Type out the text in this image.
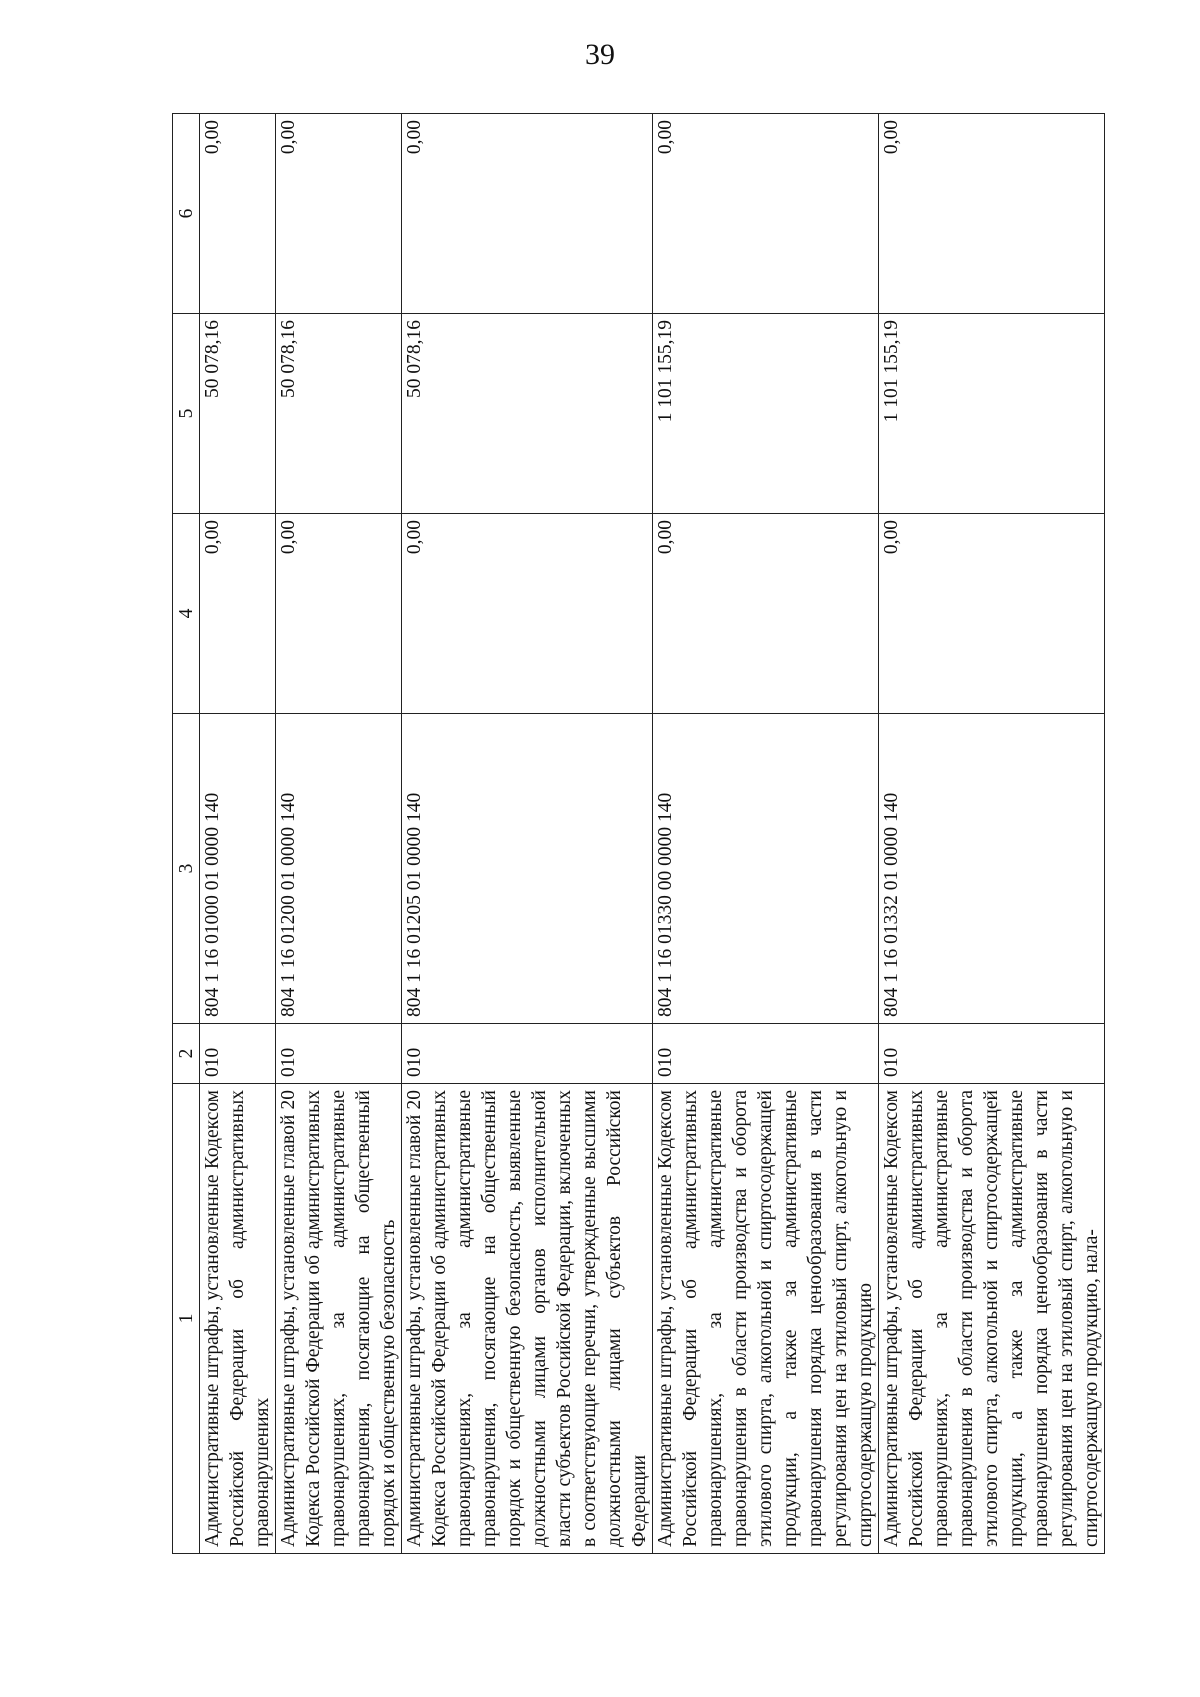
39
1	2	3	4	5	6
Административные штрафы, установленные Кодексом Российской Федерации об административных правонарушениях	010	804 1 16 01000 01 0000 140	0,00	50 078,16	0,00
Административные штрафы, установленные главой 20 Кодекса Российской Федерации об административных правонарушениях, за административные правонарушения, посягающие на общественный порядок и общественную безопасность	010	804 1 16 01200 01 0000 140	0,00	50 078,16	0,00
Административные штрафы, установленные главой 20 Кодекса Российской Федерации об административных правонарушениях, за административные правонарушения, посягающие на общественный порядок и общественную безопасность, выявленные должностными лицами органов исполнительной власти субъектов Российской Федерации, включенных в соответствующие перечни, утвержденные высшими должностными лицами субъектов Российской Федерации	010	804 1 16 01205 01 0000 140	0,00	50 078,16	0,00
Административные штрафы, установленные Кодексом Российской Федерации об административных правонарушениях, за административные правонарушения в области производства и оборота этилового спирта, алкогольной и спиртосодержащей продукции, а также за административные правонарушения порядка ценообразования в части регулирования цен на этиловый спирт, алкогольную и спиртосодержащую продукцию	010	804 1 16 01330 00 0000 140	0,00	1 101 155,19	0,00
Административные штрафы, установленные Кодексом Российской Федерации об административных правонарушениях, за административные правонарушения в области производства и оборота этилового спирта, алкогольной и спиртосодержащей продукции, а также за административные правонарушения порядка ценообразования в части регулирования цен на этиловый спирт, алкогольную и спиртосодержащую продукцию, нала-	010	804 1 16 01332 01 0000 140	0,00	1 101 155,19	0,00
